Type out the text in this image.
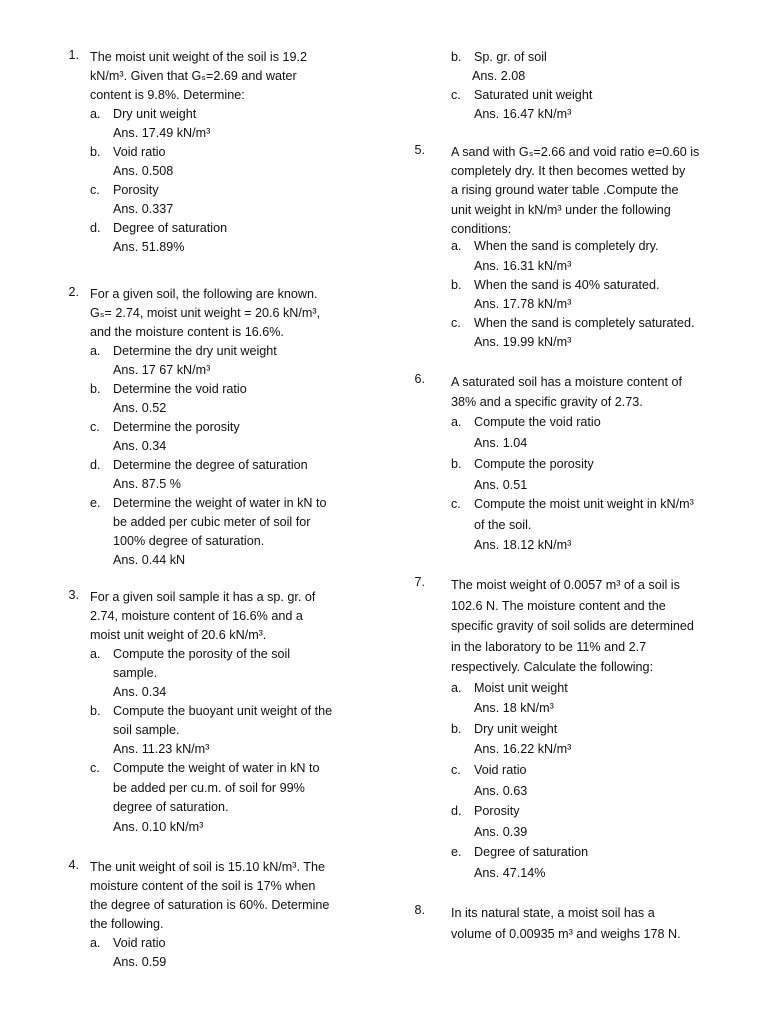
1. The moist unit weight of the soil is 19.2
kN/m³. Given that Gₛ=2.69 and water
content is 9.8%. Determine:
a. Dry unit weight
Ans. 17.49 kN/m³
b. Void ratio
Ans. 0.508
c. Porosity
Ans. 0.337
d. Degree of saturation
Ans. 51.89%
2. For a given soil, the following are known.
Gₛ= 2.74, moist unit weight = 20.6 kN/m³,
and the moisture content is 16.6%.
a. Determine the dry unit weight
Ans. 17 67 kN/m³
b. Determine the void ratio
Ans. 0.52
c. Determine the porosity
Ans. 0.34
d. Determine the degree of saturation
Ans. 87.5 %
e. Determine the weight of water in kN to
be added per cubic meter of soil for
100% degree of saturation.
Ans. 0.44 kN
3. For a given soil sample it has a sp. gr. of
2.74, moisture content of 16.6% and a
moist unit weight of 20.6 kN/m³.
a. Compute the porosity of the soil
sample.
Ans. 0.34
b. Compute the buoyant unit weight of the
soil sample.
Ans. 11.23 kN/m³
c. Compute the weight of water in kN to
be added per cu.m. of soil for 99%
degree of saturation.
Ans. 0.10 kN/m³
4. The unit weight of soil is 15.10 kN/m³. The
moisture content of the soil is 17% when
the degree of saturation is 60%. Determine
the following.
a. Void ratio
Ans. 0.59
b. Sp. gr. of soil
Ans. 2.08
c. Saturated unit weight
Ans. 16.47 kN/m³
5. A sand with Gₛ=2.66 and void ratio e=0.60 is
completely dry. It then becomes wetted by
a rising ground water table .Compute the
unit weight in kN/m³ under the following
conditions:
a. When the sand is completely dry.
Ans. 16.31 kN/m³
b. When the sand is 40% saturated.
Ans. 17.78 kN/m³
c. When the sand is completely saturated.
Ans. 19.99 kN/m³
6. A saturated soil has a moisture content of
38% and a specific gravity of 2.73.
a. Compute the void ratio
Ans. 1.04
b. Compute the porosity
Ans. 0.51
c. Compute the moist unit weight in kN/m³
of the soil.
Ans. 18.12 kN/m³
7. The moist weight of 0.0057 m³ of a soil is
102.6 N. The moisture content and the
specific gravity of soil solids are determined
in the laboratory to be 11% and 2.7
respectively. Calculate the following:
a. Moist unit weight
Ans. 18 kN/m³
b. Dry unit weight
Ans. 16.22 kN/m³
c. Void ratio
Ans. 0.63
d. Porosity
Ans. 0.39
e. Degree of saturation
Ans. 47.14%
8. In its natural state, a moist soil has a
volume of 0.00935 m³ and weighs 178 N.
